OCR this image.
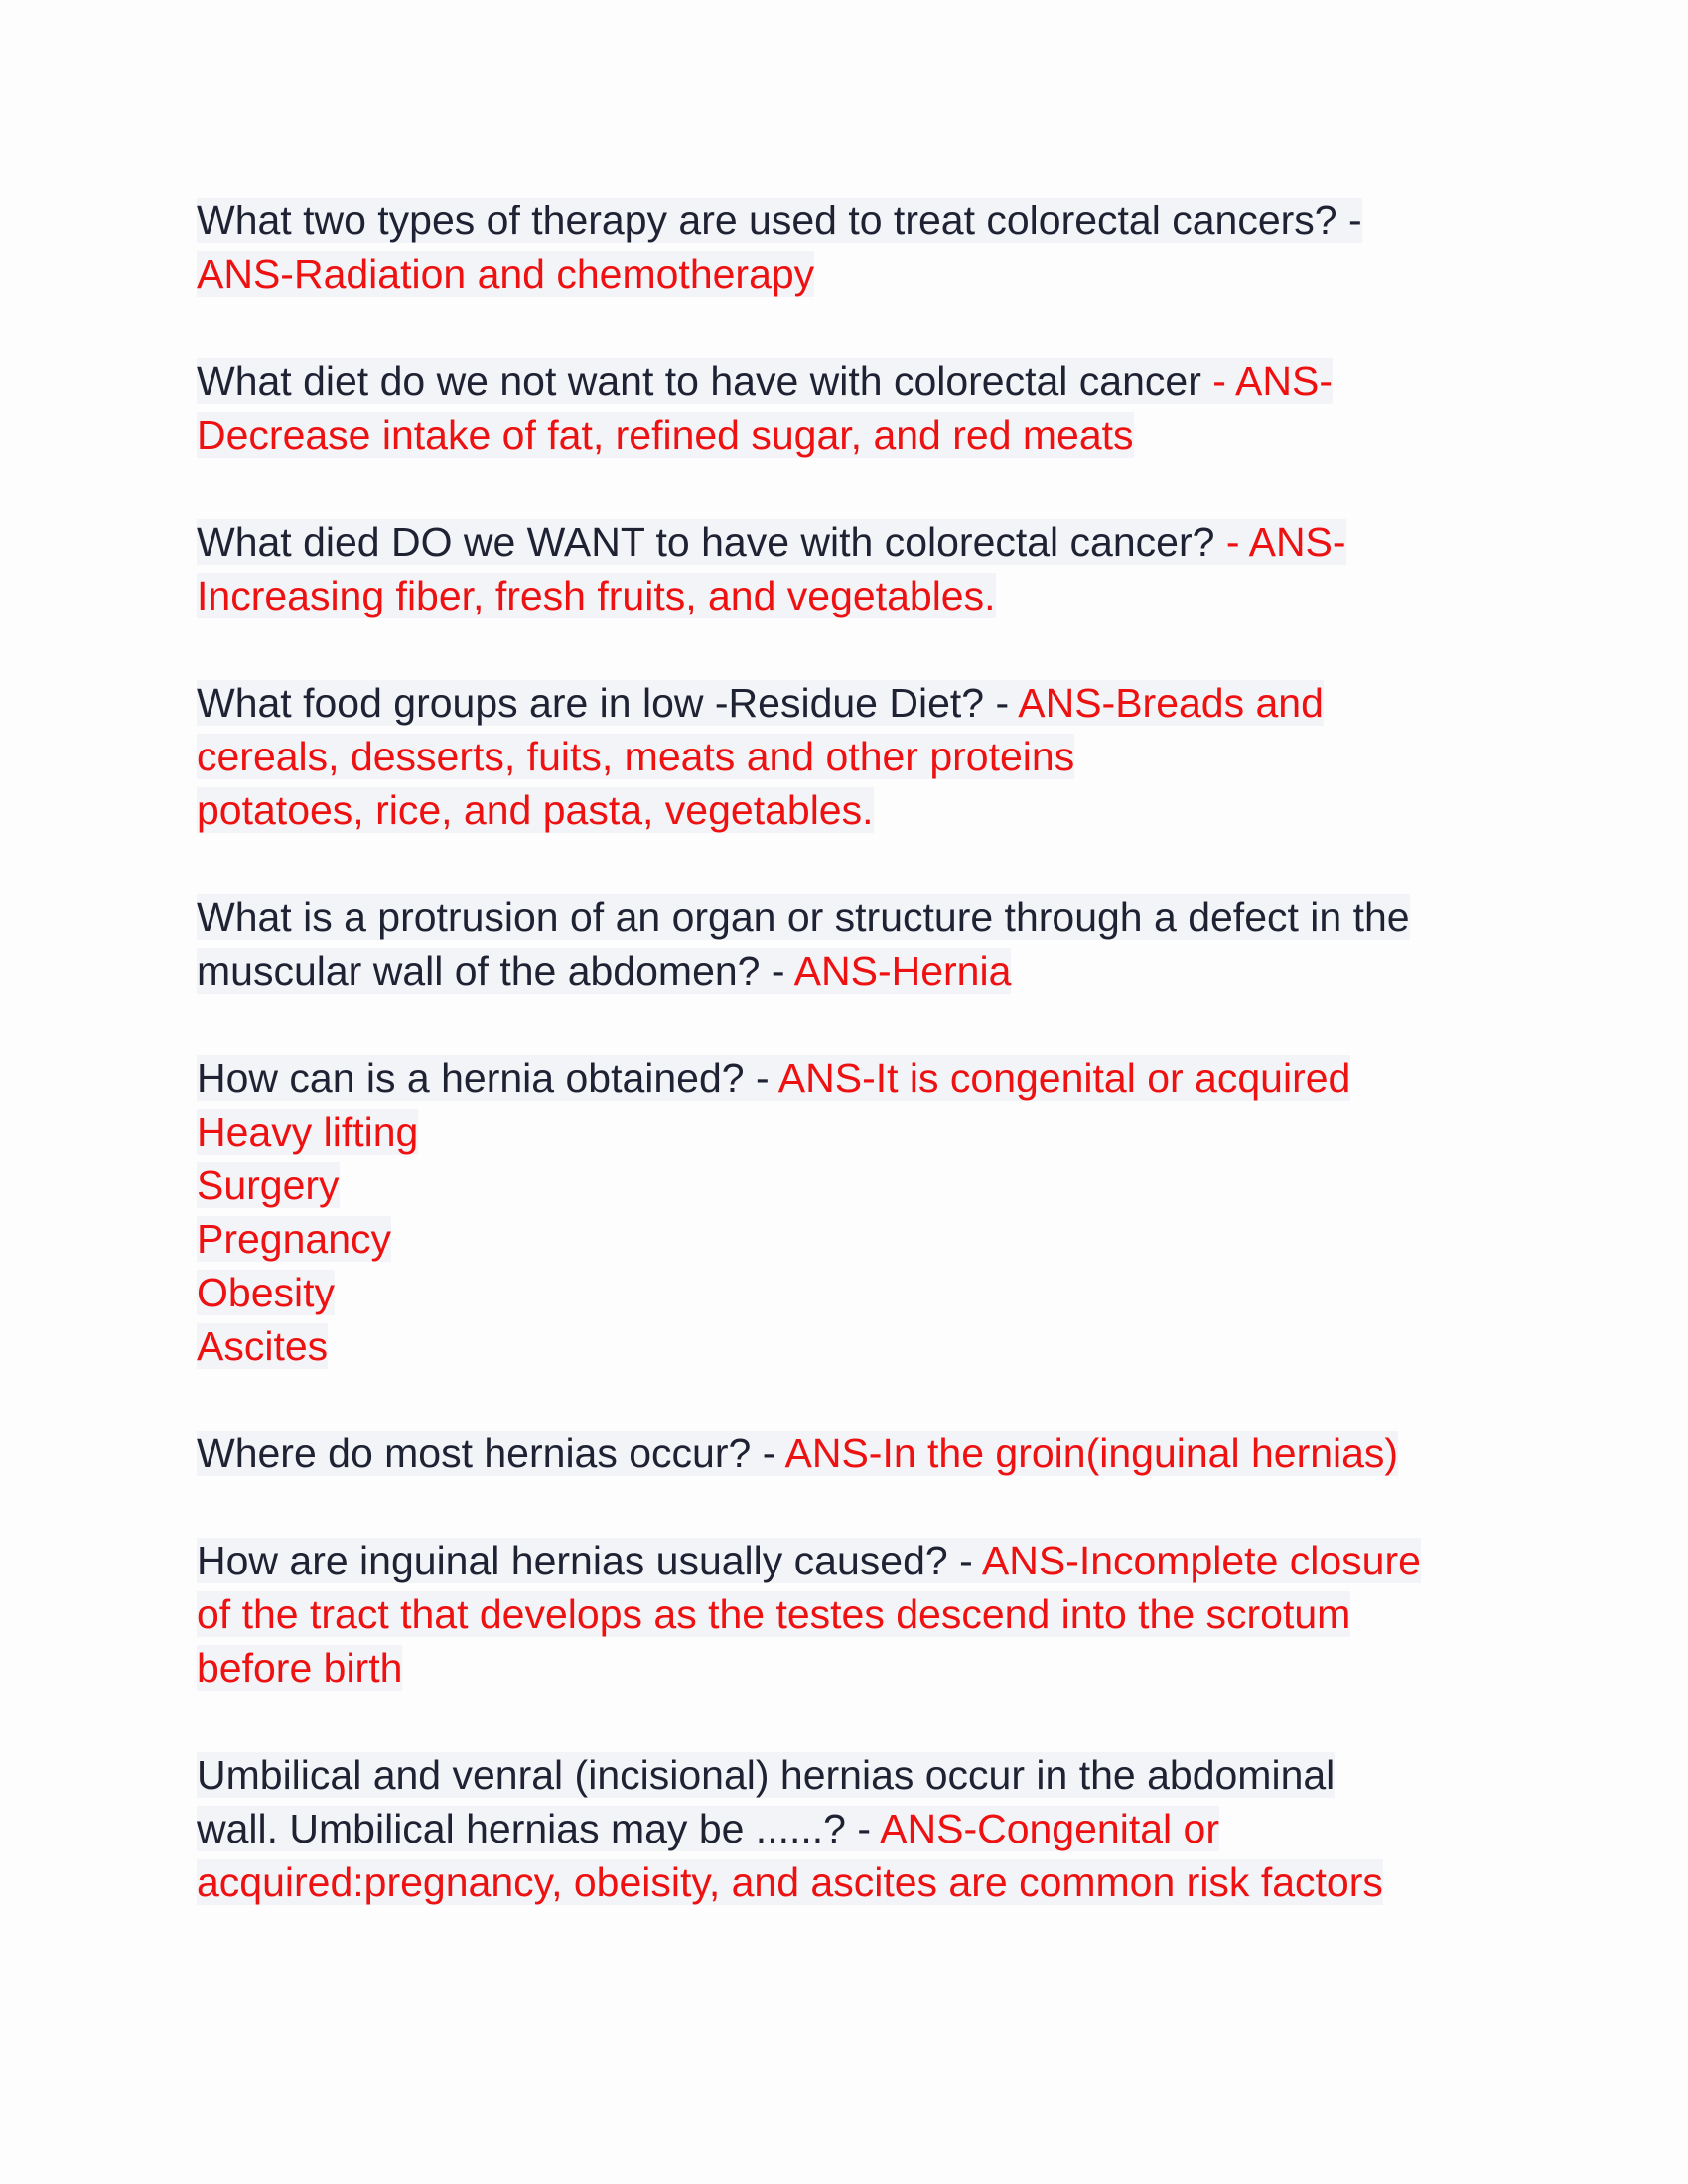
What two types of therapy are used to treat colorectal cancers? -
ANS-Radiation and chemotherapy
What diet do we not want to have with colorectal cancer - ANS-
Decrease intake of fat, refined sugar, and red meats
What died DO we WANT to have with colorectal cancer? - ANS-
Increasing fiber, fresh fruits, and vegetables.
What food groups are in low -Residue Diet? - ANS-Breads and
cereals, desserts, fuits, meats and other proteins
potatoes, rice, and pasta, vegetables.
What is a protrusion of an organ or structure through a defect in the
muscular wall of the abdomen? - ANS-Hernia
How can is a hernia obtained? - ANS-It is congenital or acquired
Heavy lifting
Surgery
Pregnancy
Obesity
Ascites
Where do most hernias occur? - ANS-In the groin(inguinal hernias)
How are inguinal hernias usually caused? - ANS-Incomplete closure
of the tract that develops as the testes descend into the scrotum
before birth
Umbilical and venral (incisional) hernias occur in the abdominal
wall. Umbilical hernias may be ......? - ANS-Congenital or
acquired:pregnancy, obeisity, and ascites are common risk factors
